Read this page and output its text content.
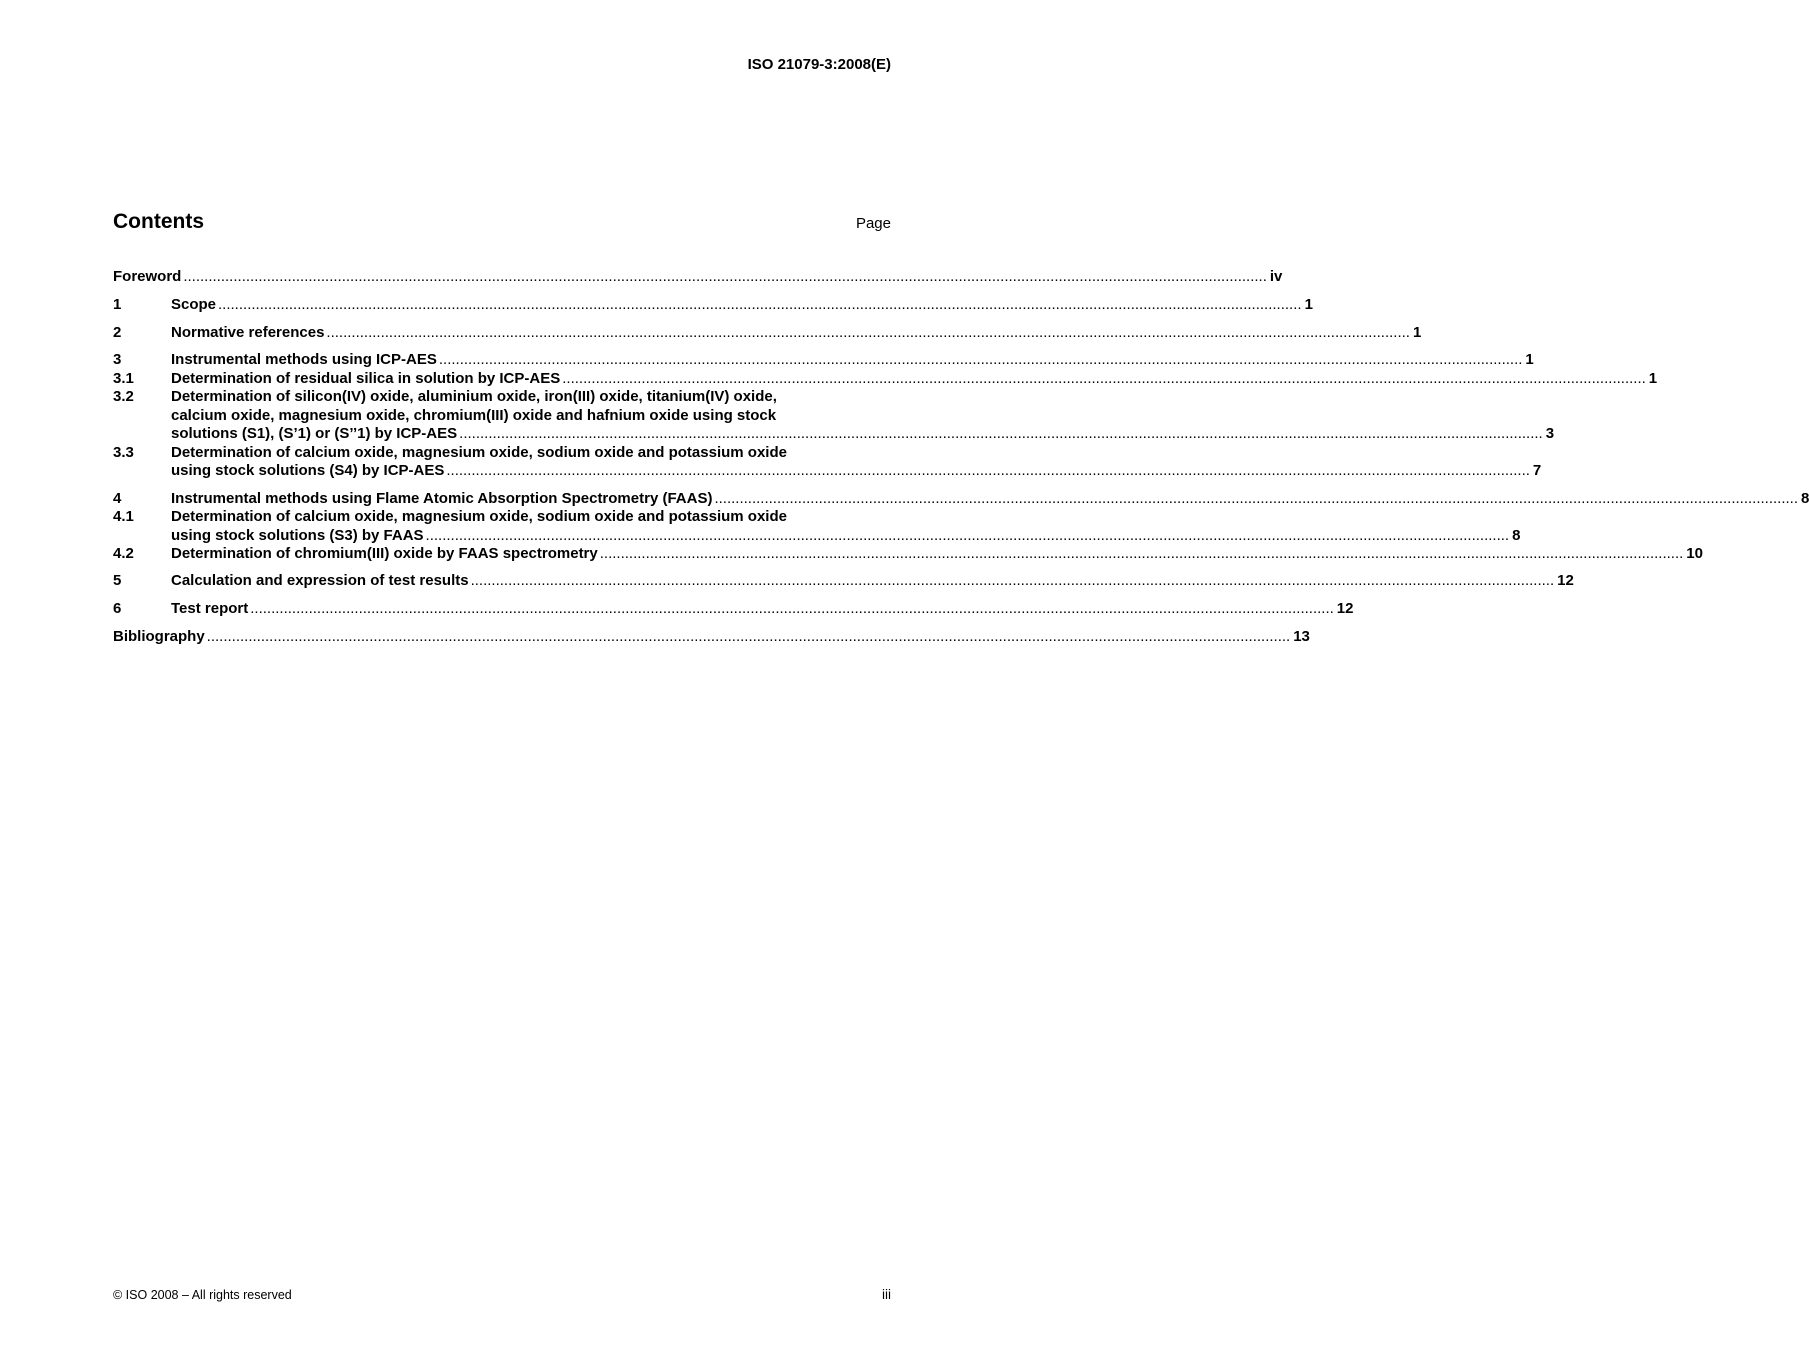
ISO 21079-3:2008(E)
Contents	Page
Foreword .................................................................................................................................................................................................................................................................... iv
1	Scope .................................................................................................................................................................................................................................................................... 1
2	Normative references .................................................................................................................................................................................................................................................................... 1
3	Instrumental methods using ICP-AES .................................................................................................................................................................................................................................................................... 1
3.1 Determination of residual silica in solution by ICP-AES .................................................................................................................................................................................................................................................................... 1
3.2 Determination of silicon(IV) oxide, aluminium oxide, iron(III) oxide, titanium(IV) oxide,
calcium oxide, magnesium oxide, chromium(III) oxide and hafnium oxide using stock
solutions (S1), (S’1) or (S’’1) by ICP-AES .................................................................................................................................................................................................................................................................... 3
3.3 Determination of calcium oxide, magnesium oxide, sodium oxide and potassium oxide
using stock solutions (S4) by ICP-AES .................................................................................................................................................................................................................................................................... 7
4	Instrumental methods using Flame Atomic Absorption Spectrometry (FAAS) .................................................................................................................................................................................................................................................................... 8
4.1 Determination of calcium oxide, magnesium oxide, sodium oxide and potassium oxide
using stock solutions (S3) by FAAS .................................................................................................................................................................................................................................................................... 8
4.2 Determination of chromium(III) oxide by FAAS spectrometry .................................................................................................................................................................................................................................................................... 10
5	Calculation and expression of test results .................................................................................................................................................................................................................................................................... 12
6	Test report .................................................................................................................................................................................................................................................................... 12
Bibliography .................................................................................................................................................................................................................................................................... 13
© ISO 2008 – All rights reserved	iii
